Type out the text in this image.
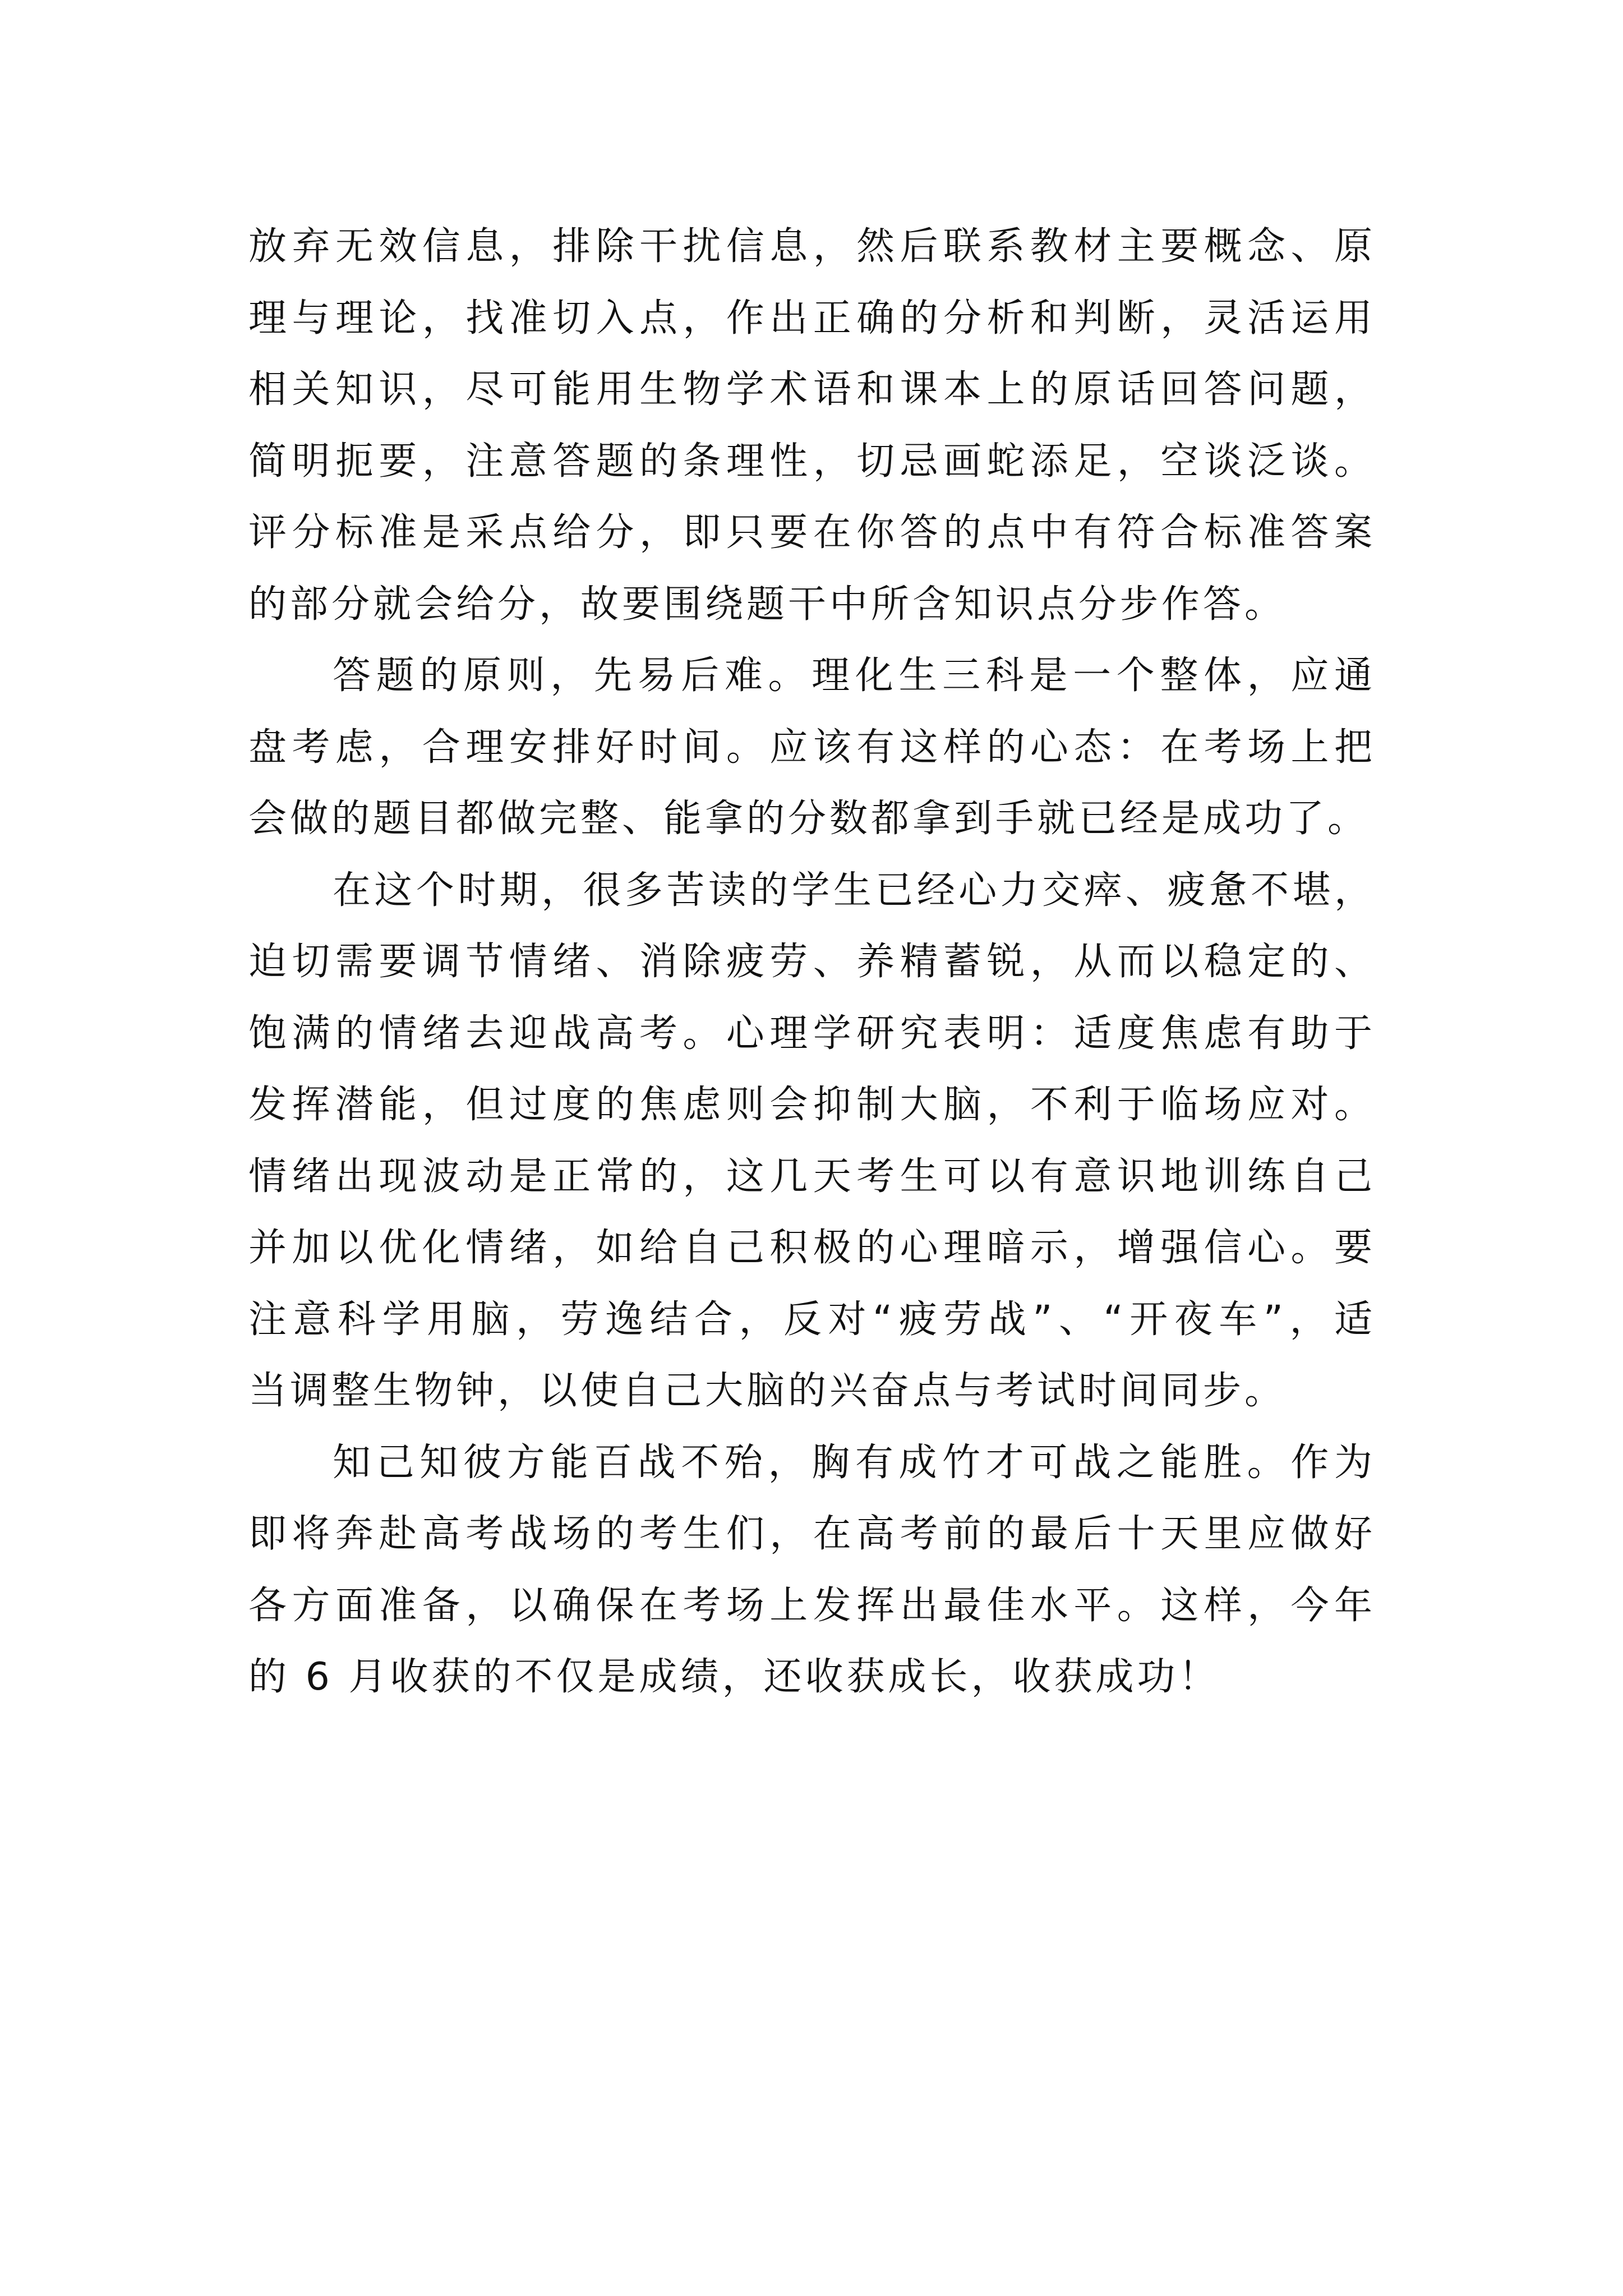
放弃无效信息，排除干扰信息，然后联系教材主要概念、原
理与理论，找准切入点，作出正确的分析和判断，灵活运用
相关知识，尽可能用生物学术语和课本上的原话回答问题，
简明扼要，注意答题的条理性，切忌画蛇添足，空谈泛谈。
评分标准是采点给分，即只要在你答的点中有符合标准答案
的部分就会给分，故要围绕题干中所含知识点分步作答。
答题的原则，先易后难。理化生三科是一个整体，应通
盘考虑，合理安排好时间。应该有这样的心态：在考场上把
会做的题目都做完整、能拿的分数都拿到手就已经是成功了。
在这个时期，很多苦读的学生已经心力交瘁、疲惫不堪，
迫切需要调节情绪、消除疲劳、养精蓄锐，从而以稳定的、
饱满的情绪去迎战高考。心理学研究表明：适度焦虑有助于
发挥潜能，但过度的焦虑则会抑制大脑，不利于临场应对。
情绪出现波动是正常的，这几天考生可以有意识地训练自己
并加以优化情绪，如给自己积极的心理暗示，增强信心。要
注意科学用脑，劳逸结合，反对“疲劳战”、“开夜车”，适
当调整生物钟，以使自己大脑的兴奋点与考试时间同步。
知己知彼方能百战不殆，胸有成竹才可战之能胜。作为
即将奔赴高考战场的考生们，在高考前的最后十天里应做好
各方面准备，以确保在考场上发挥出最佳水平。这样，今年
的 6 月收获的不仅是成绩，还收获成长，收获成功！
